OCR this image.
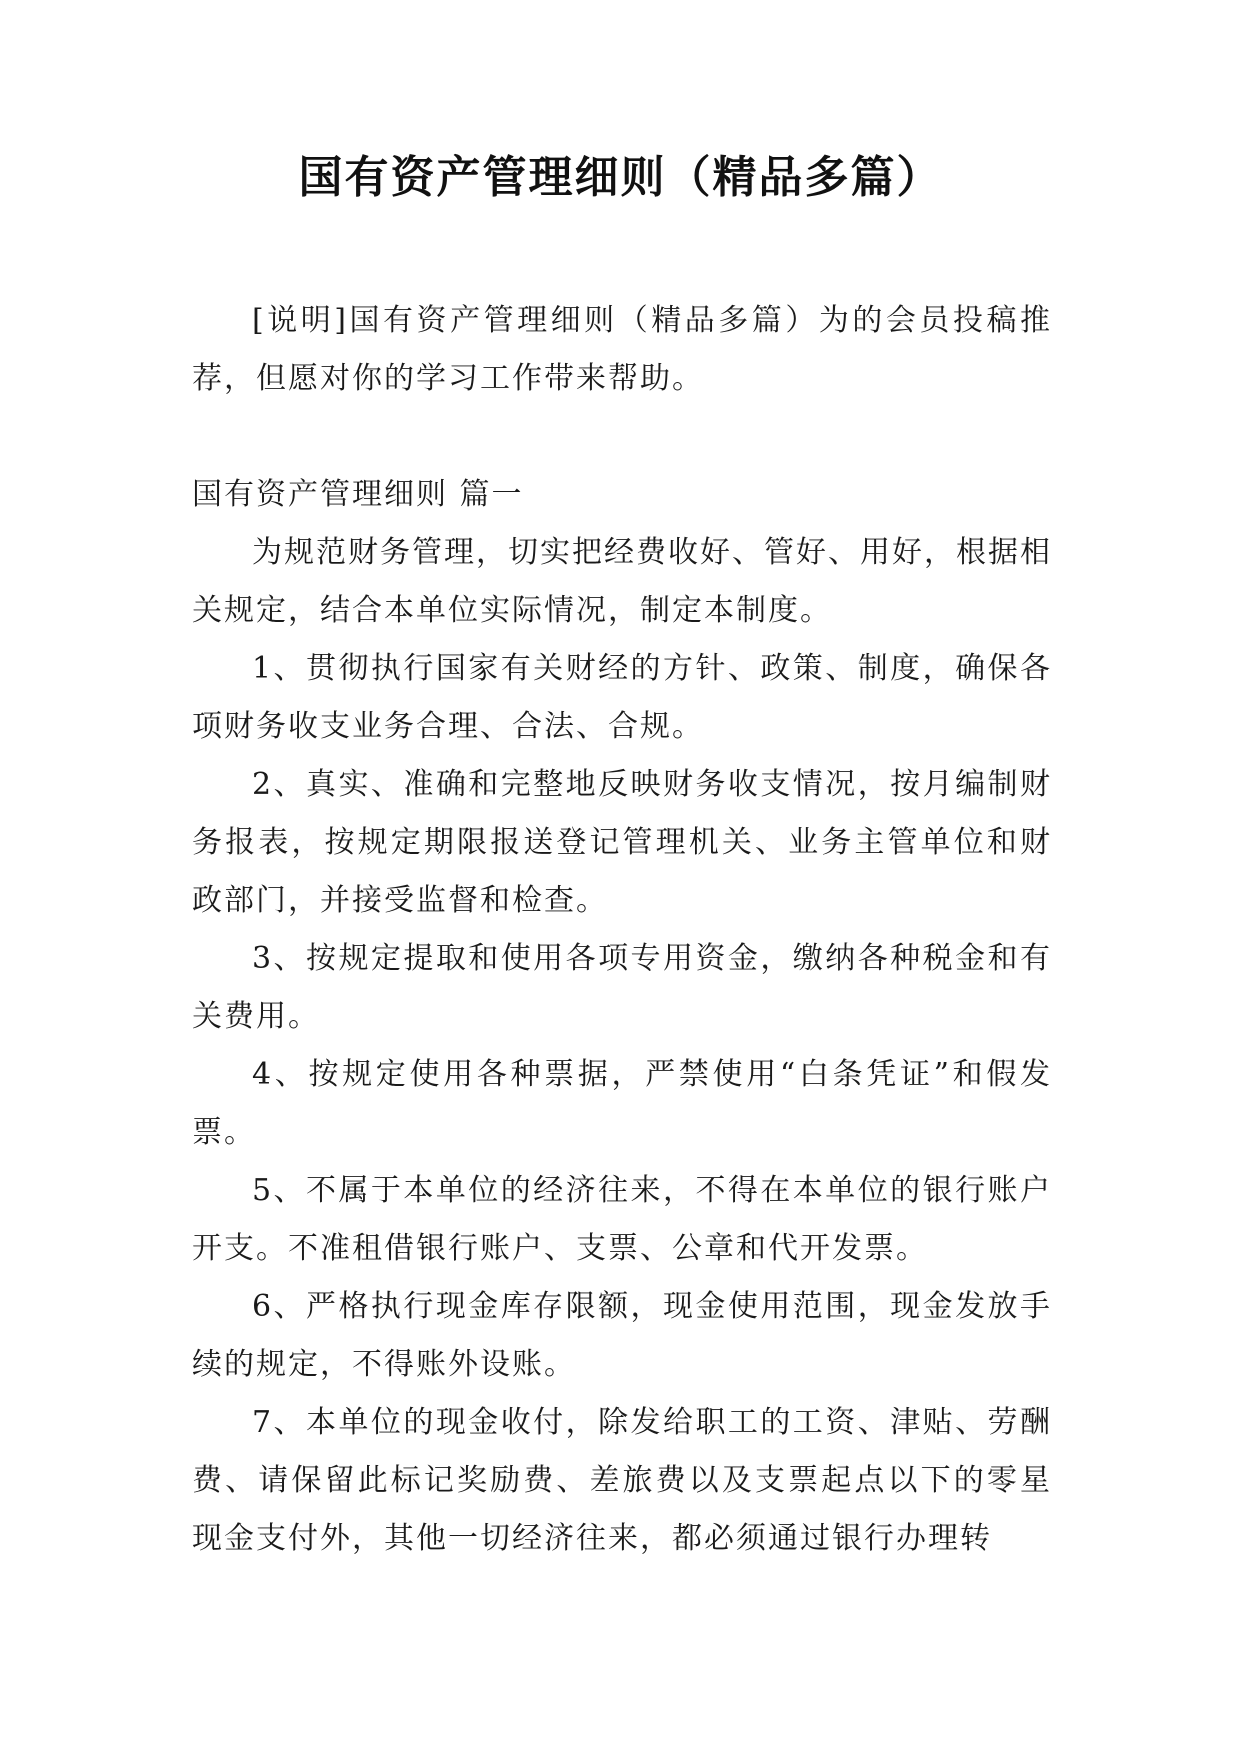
国有资产管理细则（精品多篇）

[说明]国有资产管理细则（精品多篇）为的会员投稿推荐，但愿对你的学习工作带来帮助。

国有资产管理细则 篇一

为规范财务管理，切实把经费收好、管好、用好，根据相关规定，结合本单位实际情况，制定本制度。

1、贯彻执行国家有关财经的方针、政策、制度，确保各项财务收支业务合理、合法、合规。

2、真实、准确和完整地反映财务收支情况，按月编制财务报表，按规定期限报送登记管理机关、业务主管单位和财政部门，并接受监督和检查。

3、按规定提取和使用各项专用资金，缴纳各种税金和有关费用。

4、按规定使用各种票据，严禁使用“白条凭证”和假发票。

5、不属于本单位的经济往来，不得在本单位的银行账户开支。不准租借银行账户、支票、公章和代开发票。

6、严格执行现金库存限额，现金使用范围，现金发放手续的规定，不得账外设账。

7、本单位的现金收付，除发给职工的工资、津贴、劳酬费、请保留此标记奖励费、差旅费以及支票起点以下的零星现金支付外，其他一切经济往来，都必须通过银行办理转
